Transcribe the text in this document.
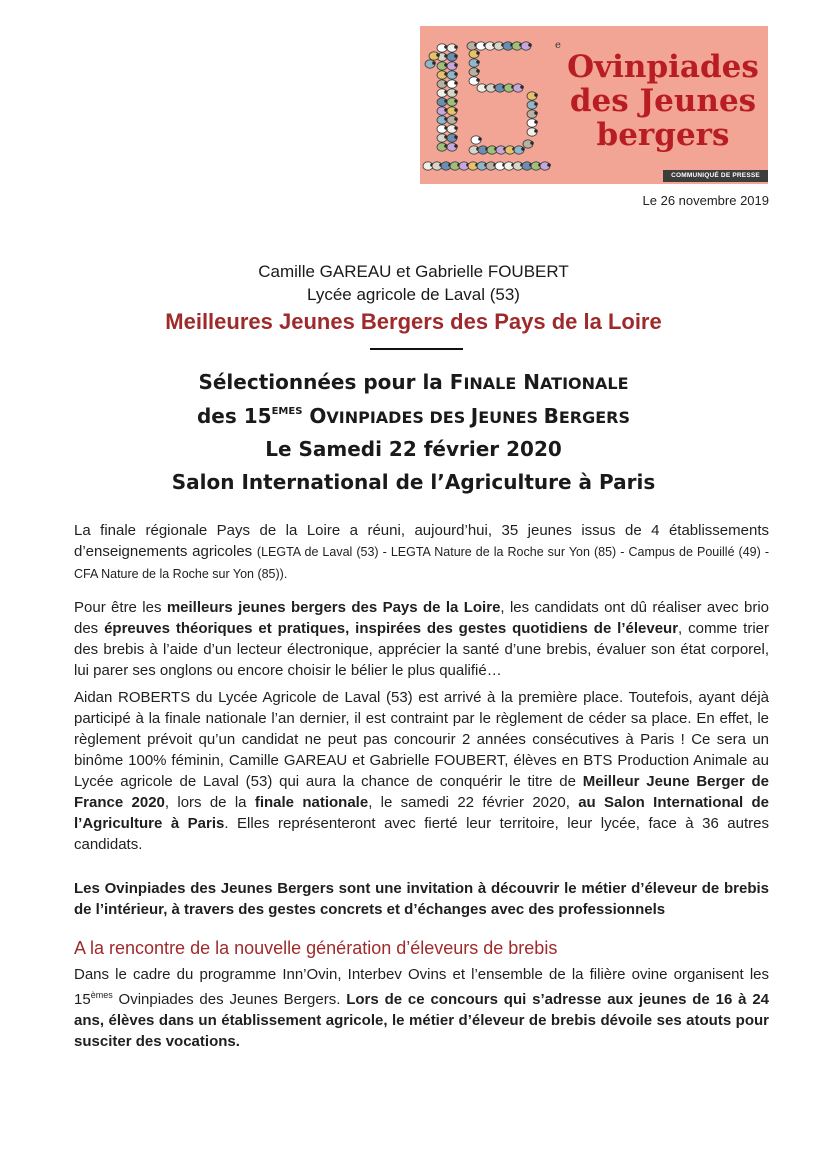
e
Ovinpiades
des Jeunes
bergers
COMMUNIQUÉ DE PRESSE
Le 26 novembre 2019
Camille GAREAU et Gabrielle FOUBERT
Lycée agricole de Laval (53)
Meilleures Jeunes Bergers des Pays de la Loire
Sélectionnées pour la FINALE NATIONALE
des 15EMES OVINPIADES DES JEUNES BERGERS
Le Samedi 22 février 2020
Salon International de l’Agriculture à Paris
La finale régionale Pays de la Loire a réuni, aujourd’hui, 35 jeunes issus de 4 établissements d’enseignements agricoles (LEGTA de Laval (53) - LEGTA Nature de la Roche sur Yon (85) - Campus de Pouillé (49) - CFA Nature de la Roche sur Yon (85)).
Pour être les meilleurs jeunes bergers des Pays de la Loire, les candidats ont dû réaliser avec brio des épreuves théoriques et pratiques, inspirées des gestes quotidiens de l’éleveur, comme trier des brebis à l’aide d’un lecteur électronique, apprécier la santé d’une brebis, évaluer son état corporel, lui parer ses onglons ou encore choisir le bélier le plus qualifié…
Aidan ROBERTS du Lycée Agricole de Laval (53) est arrivé à la première place. Toutefois, ayant déjà participé à la finale nationale l’an dernier, il est contraint par le règlement de céder sa place. En effet, le règlement prévoit qu’un candidat ne peut pas concourir 2 années consécutives à Paris ! Ce sera un binôme 100% féminin, Camille GAREAU et Gabrielle FOUBERT, élèves en BTS Production Animale au Lycée agricole de Laval (53) qui aura la chance de conquérir le titre de Meilleur Jeune Berger de France 2020, lors de la finale nationale, le samedi 22 février 2020, au Salon International de l’Agriculture à Paris. Elles représenteront avec fierté leur territoire, leur lycée, face à 36 autres candidats.
Les Ovinpiades des Jeunes Bergers sont une invitation à découvrir le métier d’éleveur de brebis de l’intérieur, à travers des gestes concrets et d’échanges avec des professionnels
A la rencontre de la nouvelle génération d’éleveurs de brebis
Dans le cadre du programme Inn’Ovin, Interbev Ovins et l’ensemble de la filière ovine organisent les 15èmes Ovinpiades des Jeunes Bergers. Lors de ce concours qui s’adresse aux jeunes de 16 à 24 ans, élèves dans un établissement agricole, le métier d’éleveur de brebis dévoile ses atouts pour susciter des vocations.
